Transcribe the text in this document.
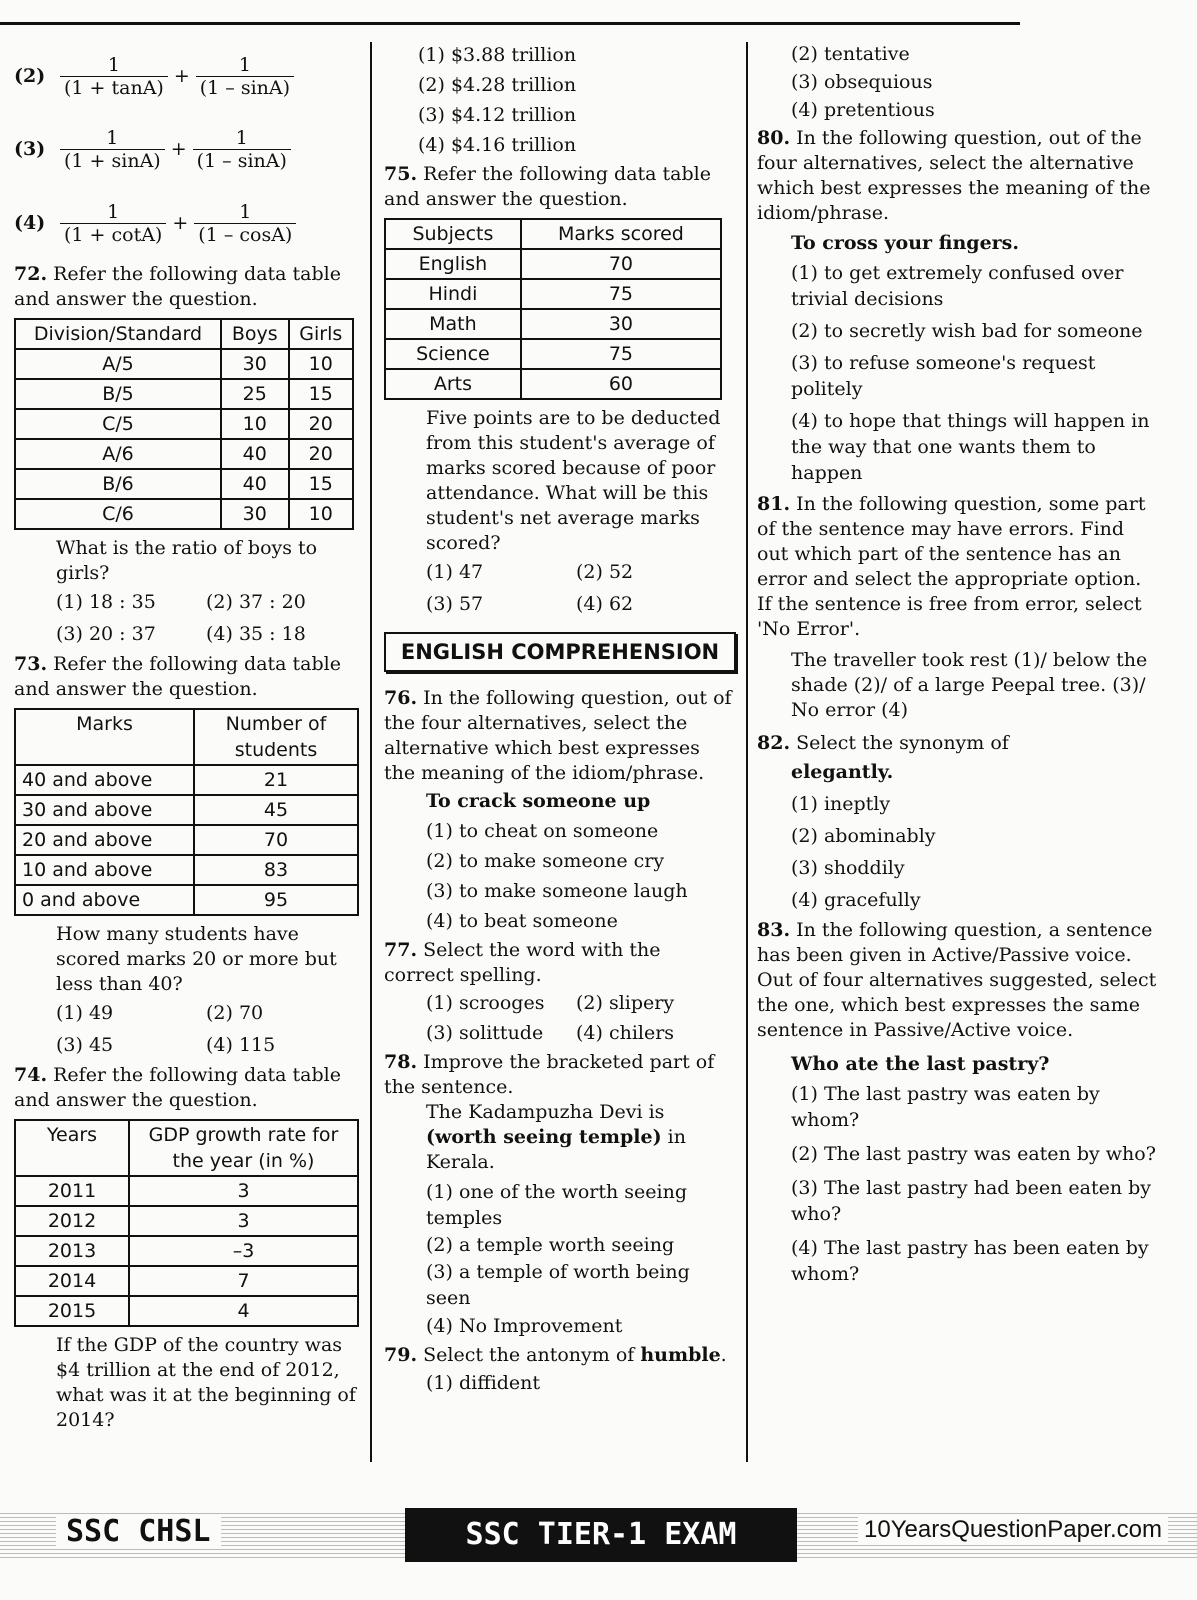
$(2) \frac{1}{(1 + \tan A)} + \frac{1}{(1 - \sin A)}$
$(3) \frac{1}{(1 + \sin A)} + \frac{1}{(1 - \sin A)}$
$(4) \frac{1}{(1 + \cot A)} + \frac{1}{(1 - \cos A)}$
72. Refer the following data table and answer the question.
Division/Standard	Boys	Girls
A/5	30	10
B/5	25	15
C/5	10	20
A/6	40	20
B/6	40	15
C/6	30	10
What is the ratio of boys to girls?
(1) 18 : 35	(2) 37 : 20
(3) 20 : 37	(4) 35 : 18
73. Refer the following data table and answer the question.
Marks	Number of students
40 and above	21
30 and above	45
20 and above	70
10 and above	83
0 and above	95
How many students have scored marks 20 or more but less than 40?
(1) 49	(2) 70
(3) 45	(4) 115
74. Refer the following data table and answer the question.
Years	GDP growth rate for the year (in %)
2011	3
2012	3
2013	–3
2014	7
2015	4
If the GDP of the country was $4 trillion at the end of 2012, what was it at the beginning of 2014?
(1) $3.88 trillion
(2) $4.28 trillion
(3) $4.12 trillion
(4) $4.16 trillion
75. Refer the following data table and answer the question.
Subjects	Marks scored
English	70
Hindi	75
Math	30
Science	75
Arts	60
Five points are to be deducted from this student's average of marks scored because of poor attendance. What will be this student's net average marks scored?
(1) 47	(2) 52
(3) 57	(4) 62
ENGLISH COMPREHENSION
76. In the following question, out of the four alternatives, select the alternative which best expresses the meaning of the idiom/phrase.
To crack someone up
(1) to cheat on someone
(2) to make someone cry
(3) to make someone laugh
(4) to beat someone
77. Select the word with the correct spelling.
(1) scrooges	(2) slipery
(3) solittude	(4) chilers
78. Improve the bracketed part of the sentence.
The Kadampuzha Devi is (worth seeing temple) in Kerala.
(1) one of the worth seeing temples
(2) a temple worth seeing
(3) a temple of worth being seen
(4) No Improvement
79. Select the antonym of humble.
(1) diffident
(2) tentative
(3) obsequious
(4) pretentious
80. In the following question, out of the four alternatives, select the alternative which best expresses the meaning of the idiom/phrase.
To cross your fingers.
(1) to get extremely confused over trivial decisions
(2) to secretly wish bad for someone
(3) to refuse someone's request politely
(4) to hope that things will happen in the way that one wants them to happen
81. In the following question, some part of the sentence may have errors. Find out which part of the sentence has an error and select the appropriate option. If the sentence is free from error, select 'No Error'.
The traveller took rest (1)/ below the shade (2)/ of a large Peepal tree. (3)/ No error (4)
82. Select the synonym of
elegantly.
(1) ineptly
(2) abominably
(3) shoddily
(4) gracefully
83. In the following question, a sentence has been given in Active/Passive voice. Out of four alternatives suggested, select the one, which best expresses the same sentence in Passive/Active voice.
Who ate the last pastry?
(1) The last pastry was eaten by whom?
(2) The last pastry was eaten by who?
(3) The last pastry had been eaten by who?
(4) The last pastry has been eaten by whom?
SSC CHSL	SSC TIER-1 EXAM	10YearsQuestionPaper.com
